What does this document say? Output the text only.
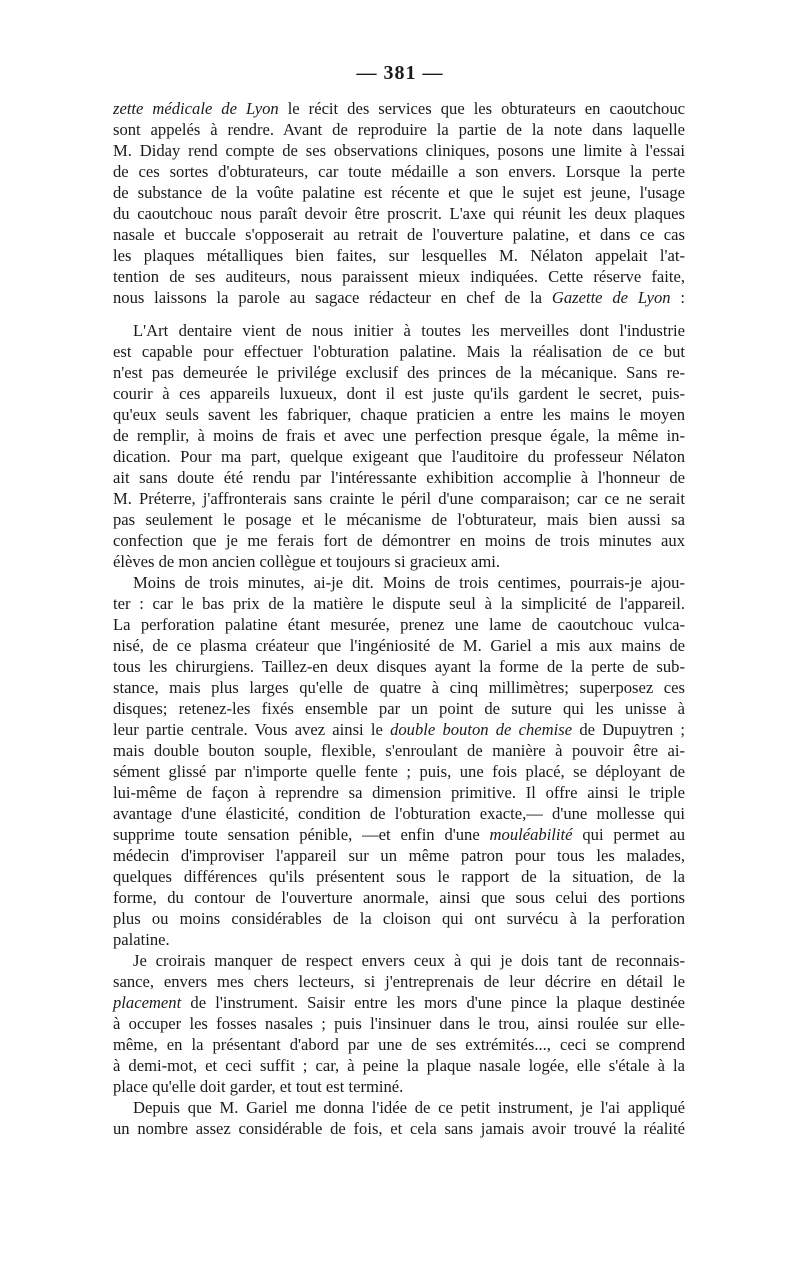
— 381 —
zette médicale de Lyon le récit des services que les obturateurs en caoutchouc
sont appelés à rendre. Avant de reproduire la partie de la note dans laquelle
M. Diday rend compte de ses observations cliniques, posons une limite à l'essai
de ces sortes d'obturateurs, car toute médaille a son envers. Lorsque la perte
de substance de la voûte palatine est récente et que le sujet est jeune, l'usage
du caoutchouc nous paraît devoir être proscrit. L'axe qui réunit les deux plaques
nasale et buccale s'opposerait au retrait de l'ouverture palatine, et dans ce cas
les plaques métalliques bien faites, sur lesquelles M. Nélaton appelait l'at-
tention de ses auditeurs, nous paraissent mieux indiquées. Cette réserve faite,
nous laissons la parole au sagace rédacteur en chef de la Gazette de Lyon :
L'Art dentaire vient de nous initier à toutes les merveilles dont l'industrie
est capable pour effectuer l'obturation palatine. Mais la réalisation de ce but
n'est pas demeurée le privilége exclusif des princes de la mécanique. Sans re-
courir à ces appareils luxueux, dont il est juste qu'ils gardent le secret, puis-
qu'eux seuls savent les fabriquer, chaque praticien a entre les mains le moyen
de remplir, à moins de frais et avec une perfection presque égale, la même in-
dication. Pour ma part, quelque exigeant que l'auditoire du professeur Nélaton
ait sans doute été rendu par l'intéressante exhibition accomplie à l'honneur de
M. Préterre, j'affronterais sans crainte le péril d'une comparaison; car ce ne serait
pas seulement le posage et le mécanisme de l'obturateur, mais bien aussi sa
confection que je me ferais fort de démontrer en moins de trois minutes aux
élèves de mon ancien collègue et toujours si gracieux ami.
Moins de trois minutes, ai-je dit. Moins de trois centimes, pourrais-je ajou-
ter : car le bas prix de la matière le dispute seul à la simplicité de l'appareil.
La perforation palatine étant mesurée, prenez une lame de caoutchouc vulca-
nisé, de ce plasma créateur que l'ingéniosité de M. Gariel a mis aux mains de
tous les chirurgiens. Taillez-en deux disques ayant la forme de la perte de sub-
stance, mais plus larges qu'elle de quatre à cinq millimètres; superposez ces
disques; retenez-les fixés ensemble par un point de suture qui les unisse à
leur partie centrale. Vous avez ainsi le double bouton de chemise de Dupuytren ;
mais double bouton souple, flexible, s'enroulant de manière à pouvoir être ai-
sément glissé par n'importe quelle fente ; puis, une fois placé, se déployant de
lui-même de façon à reprendre sa dimension primitive. Il offre ainsi le triple
avantage d'une élasticité, condition de l'obturation exacte,— d'une mollesse qui
supprime toute sensation pénible, —et enfin d'une mouléabilité qui permet au
médecin d'improviser l'appareil sur un même patron pour tous les malades,
quelques différences qu'ils présentent sous le rapport de la situation, de la
forme, du contour de l'ouverture anormale, ainsi que sous celui des portions
plus ou moins considérables de la cloison qui ont survécu à la perforation
palatine.
Je croirais manquer de respect envers ceux à qui je dois tant de reconnais-
sance, envers mes chers lecteurs, si j'entreprenais de leur décrire en détail le
placement de l'instrument. Saisir entre les mors d'une pince la plaque destinée
à occuper les fosses nasales ; puis l'insinuer dans le trou, ainsi roulée sur elle-
même, en la présentant d'abord par une de ses extrémités..., ceci se comprend
à demi-mot, et ceci suffit ; car, à peine la plaque nasale logée, elle s'étale à la
place qu'elle doit garder, et tout est terminé.
Depuis que M. Gariel me donna l'idée de ce petit instrument, je l'ai appliqué
un nombre assez considérable de fois, et cela sans jamais avoir trouvé la réalité
